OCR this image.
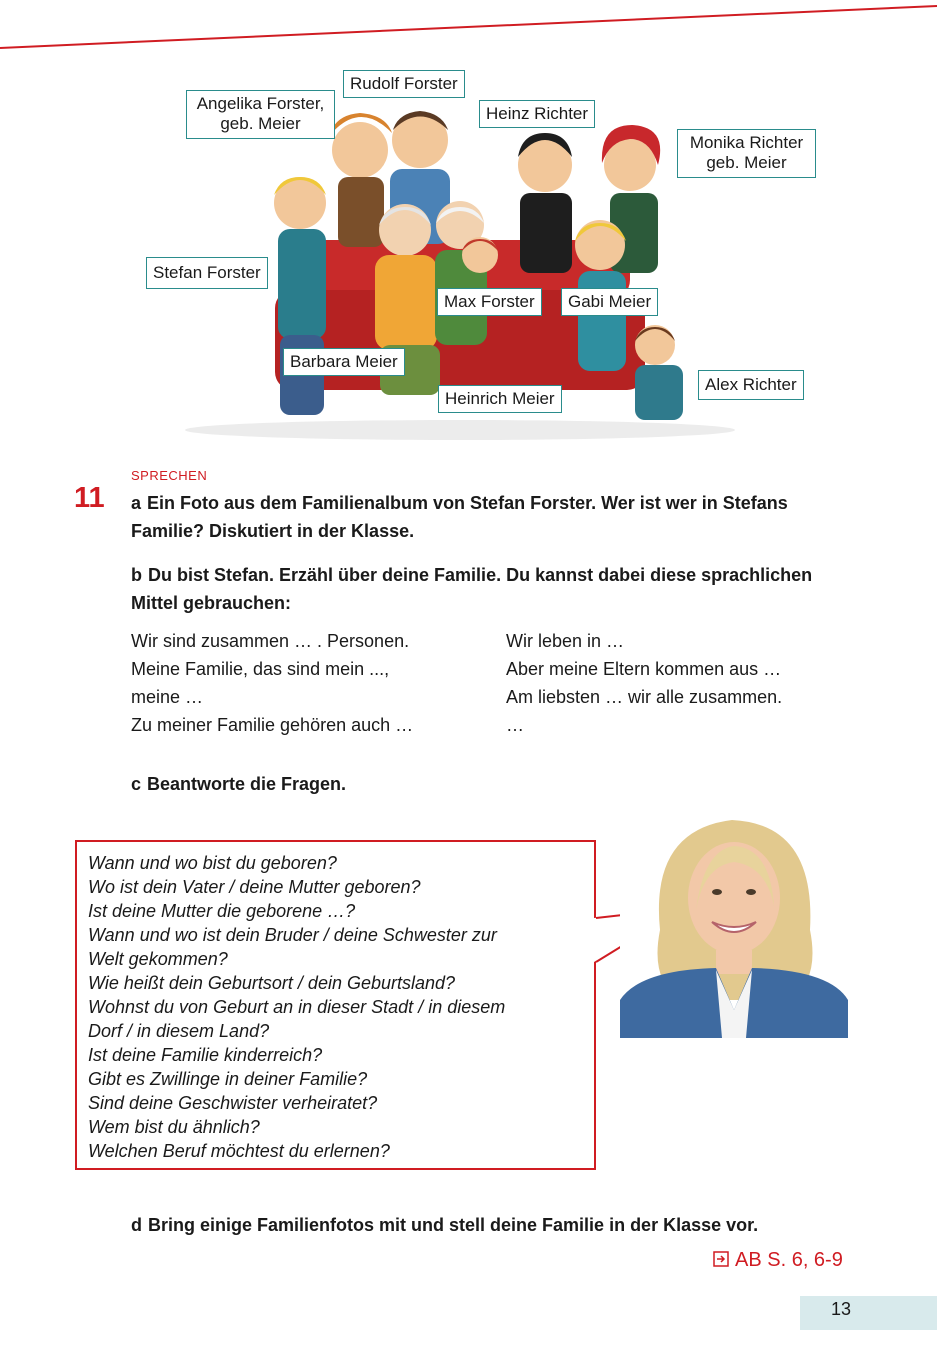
Angelika Forster,
geb. Meier
Rudolf Forster
Heinz Richter
Monika Richter
geb. Meier
Stefan Forster
Max Forster	Gabi Meier
Barbara Meier
Heinrich Meier
Alex Richter
SPRECHEN
11 a Ein Foto aus dem Familienalbum von Stefan Forster. Wer ist wer in Stefans
Familie? Diskutiert in der Klasse.
b Du bist Stefan. Erzähl über deine Familie. Du kannst dabei diese sprachlichen
Mittel gebrauchen:
Wir sind zusammen … . Personen.
Meine Familie, das sind mein ...,
meine …
Zu meiner Familie gehören auch …
Wir leben in …
Aber meine Eltern kommen aus …
Am liebsten … wir alle zusammen.
…
c Beantworte die Fragen.
Wann und wo bist du geboren?
Wo ist dein Vater / deine Mutter geboren?
Ist deine Mutter die geborene …?
Wann und wo ist dein Bruder / deine Schwester zur
Welt gekommen?
Wie heißt dein Geburtsort / dein Geburtsland?
Wohnst du von Geburt an in dieser Stadt / in diesem
Dorf / in diesem Land?
Ist deine Familie kinderreich?
Gibt es Zwillinge in deiner Familie?
Sind deine Geschwister verheiratet?
Wem bist du ähnlich?
Welchen Beruf möchtest du erlernen?
d Bring einige Familienfotos mit und stell deine Familie in der Klasse vor.
AB S. 6, 6-9
13
